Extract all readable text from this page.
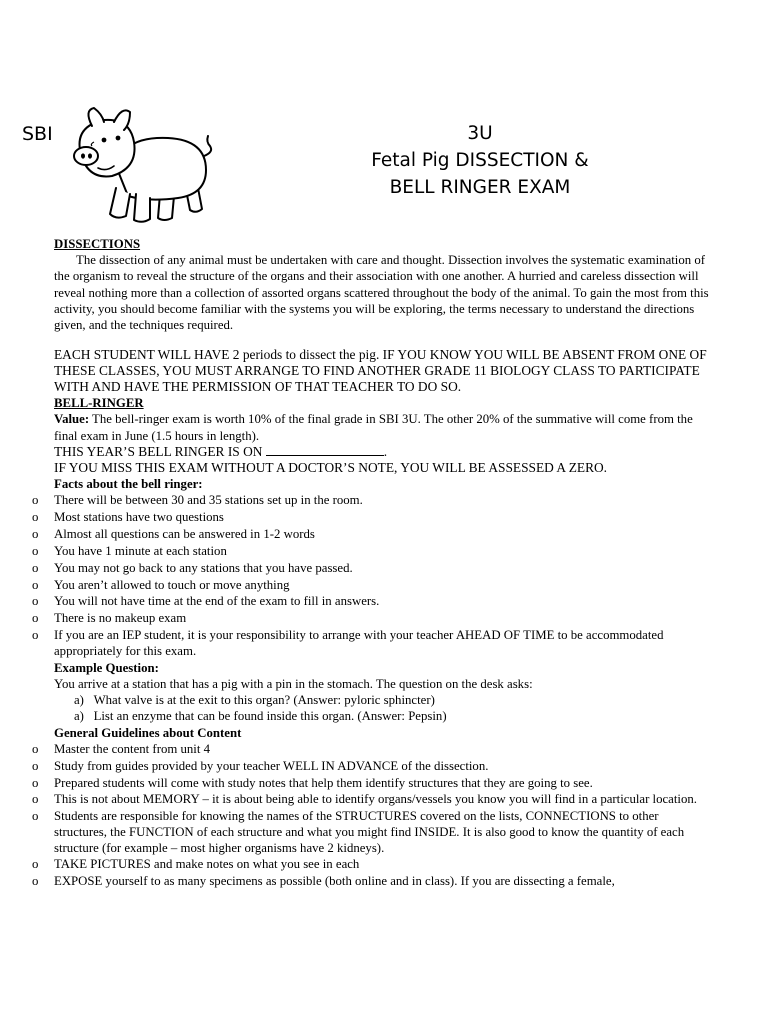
SBI	3U
Fetal Pig DISSECTION &
BELL RINGER EXAM
DISSECTIONS

The dissection of any animal must be undertaken with care and thought. Dissection involves the systematic examination of the organism to reveal the structure of the organs and their association with one another. A hurried and careless dissection will reveal nothing more than a collection of assorted organs scattered throughout the body of the animal. To gain the most from this activity, you should become familiar with the systems you will be exploring, the terms necessary to understand the directions given, and the techniques required.

EACH STUDENT WILL HAVE 2 periods to dissect the pig. IF YOU KNOW YOU WILL BE ABSENT FROM ONE OF THESE CLASSES, YOU MUST ARRANGE TO FIND ANOTHER GRADE 11 BIOLOGY CLASS TO PARTICIPATE WITH AND HAVE THE PERMISSION OF THAT TEACHER TO DO SO.

BELL-RINGER

Value: The bell-ringer exam is worth 10% of the final grade in SBI 3U. The other 20% of the summative will come from the final exam in June (1.5 hours in length).

THIS YEAR’S BELL RINGER IS ON	.

IF YOU MISS THIS EXAM WITHOUT A DOCTOR’S NOTE, YOU WILL BE ASSESSED A ZERO.

Facts about the bell ringer:
o There will be between 30 and 35 stations set up in the room.
o Most stations have two questions
o Almost all questions can be answered in 1-2 words
o You have 1 minute at each station
o You may not go back to any stations that you have passed.
o You aren’t allowed to touch or move anything
o You will not have time at the end of the exam to fill in answers.
o There is no makeup exam
o If you are an IEP student, it is your responsibility to arrange with your teacher AHEAD OF TIME to be accommodated appropriately for this exam.
Example Question:

You arrive at a station that has a pig with a pin in the stomach. The question on the desk asks:

a) What valve is at the exit to this organ? (Answer: pyloric sphincter)
a) List an enzyme that can be found inside this organ. (Answer: Pepsin)
General Guidelines about Content
o Master the content from unit 4
o Study from guides provided by your teacher WELL IN ADVANCE of the dissection.
o Prepared students will come with study notes that help them identify structures that they are going to see.
o This is not about MEMORY – it is about being able to identify organs/vessels you know you will find in a particular location.
o Students are responsible for knowing the names of the STRUCTURES covered on the lists, CONNECTIONS to other structures, the FUNCTION of each structure and what you might find INSIDE. It is also good to know the quantity of each structure (for example – most higher organisms have 2 kidneys).
o TAKE PICTURES and make notes on what you see in each
o EXPOSE yourself to as many specimens as possible (both online and in class). If you are dissecting a female,
